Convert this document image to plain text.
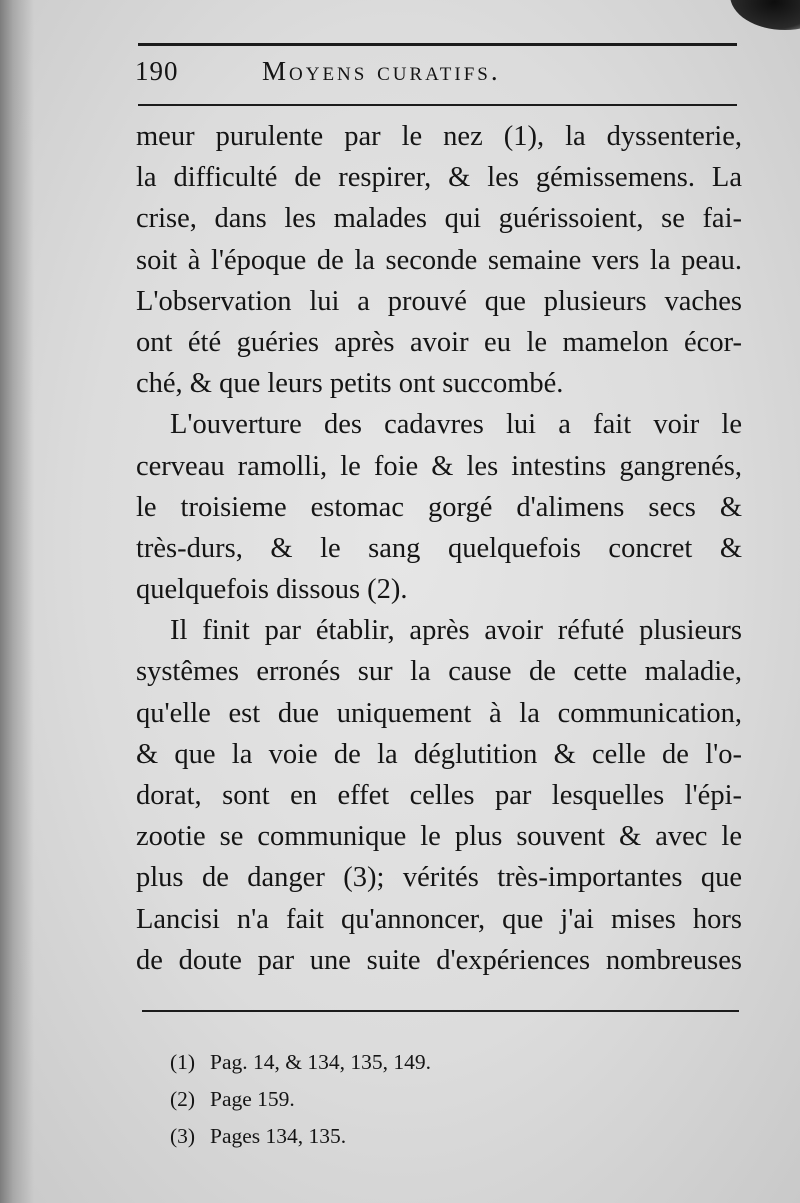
190	Moyens curatifs.
meur purulente par le nez (1), la dyssenterie,
la difficulté de respirer, & les gémissemens. La
crise, dans les malades qui guérissoient, se fai-
soit à l'époque de la seconde semaine vers la peau.
L'observation lui a prouvé que plusieurs vaches
ont été guéries après avoir eu le mamelon écor-
ché, & que leurs petits ont succombé.
L'ouverture des cadavres lui a fait voir le
cerveau ramolli, le foie & les intestins gangrenés,
le troisieme estomac gorgé d'alimens secs &
très-durs, & le sang quelquefois concret &
quelquefois dissous (2).
Il finit par établir, après avoir réfuté plusieurs
systêmes erronés sur la cause de cette maladie,
qu'elle est due uniquement à la communication,
& que la voie de la déglutition & celle de l'o-
dorat, sont en effet celles par lesquelles l'épi-
zootie se communique le plus souvent & avec le
plus de danger (3); vérités très-importantes que
Lancisi n'a fait qu'annoncer, que j'ai mises hors
de doute par une suite d'expériences nombreuses
(1) Pag. 14, & 134, 135, 149.
(2) Page 159.
(3) Pages 134, 135.
